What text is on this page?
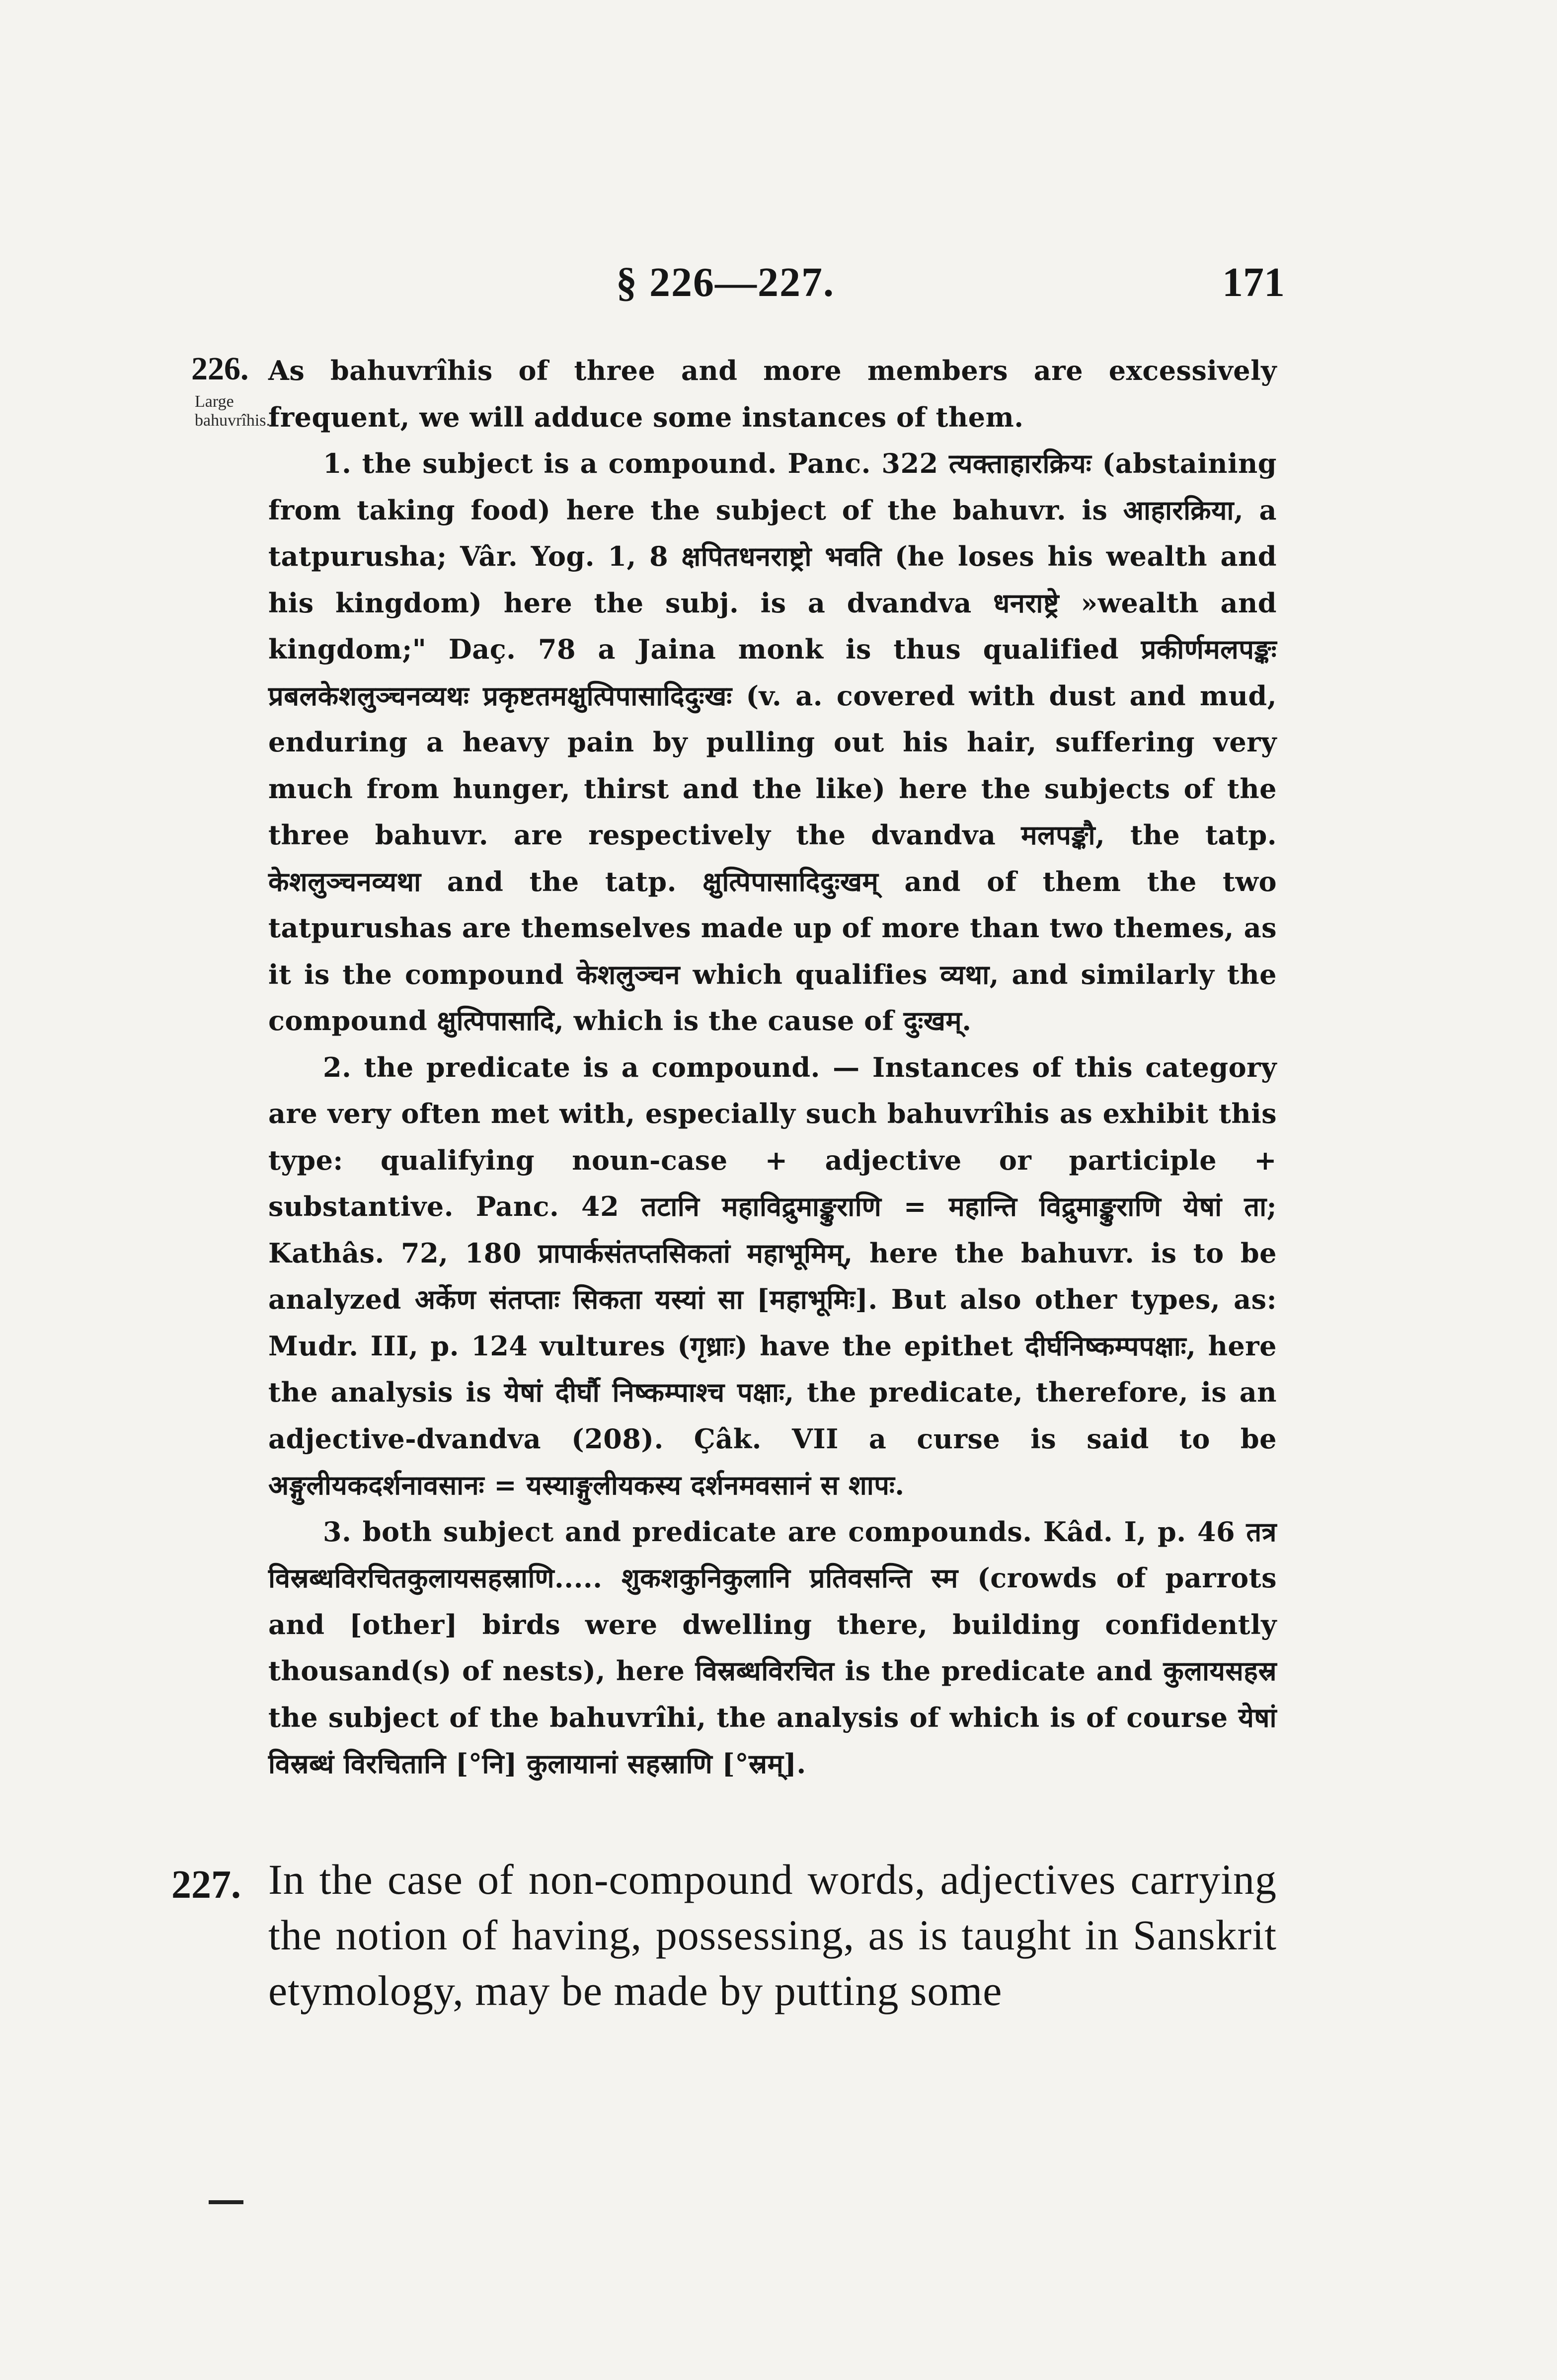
§ 226—227.	171
226.
Large bahuvrîhis.

As bahuvrîhis of three and more members are excessively frequent, we will adduce some instances of them.

1. the subject is a compound. Panc. 322 त्यक्ताहारक्रियः (abstaining from taking food) here the subject of the bahuvr. is आहारक्रिया, a tatpurusha; Vâr. Yog. 1, 8 क्षपितधनराष्ट्रो भवति (he loses his wealth and his kingdom) here the subj. is a dvandva धनराष्ट्रे »wealth and kingdom;" Daç. 78 a Jaina monk is thus qualified प्रकीर्णमलपङ्कः प्रबलकेशलुञ्चनव्यथः प्रकृष्टतमक्षुत्पिपासादिदुःखः (v. a. covered with dust and mud, enduring a heavy pain by pulling out his hair, suffering very much from hunger, thirst and the like) here the subjects of the three bahuvr. are respectively the dvandva मलपङ्कौ, the tatp. केशलुञ्चनव्यथा and the tatp. क्षुत्पिपासादिदुःखम् and of them the two tatpurushas are themselves made up of more than two themes, as it is the compound केशलुञ्चन which qualifies व्यथा, and similarly the compound क्षुत्पिपासादि, which is the cause of दुःखम्.

2. the predicate is a compound. — Instances of this category are very often met with, especially such bahuvrîhis as exhibit this type: qualifying noun-case + adjective or participle + substantive. Panc. 42 तटानि महाविद्रुमाङ्कुराणि = महान्ति विद्रुमाङ्कुराणि येषां ता; Kathâs. 72, 180 प्रापार्कसंतप्तसिकतां महाभूमिम्, here the bahuvr. is to be analyzed अर्केण संतप्ताः सिकता यस्यां सा [महाभूमिः]. But also other types, as: Mudr. III, p. 124 vultures (गृध्राः) have the epithet दीर्घनिष्कम्पपक्षाः, here the analysis is येषां दीर्घौ निष्कम्पाश्च पक्षाः, the predicate, therefore, is an adjective-dvandva (208). Çâk. VII a curse is said to be अङ्गुलीयकदर्शनावसानः = यस्याङ्गुलीयकस्य दर्शनमवसानं स शापः.

3. both subject and predicate are compounds. Kâd. I, p. 46 तत्र विस्रब्धविरचितकुलायसहस्राणि..... शुकशकुनिकुलानि प्रतिवसन्ति स्म (crowds of parrots and [other] birds were dwelling there, building confidently thousand(s) of nests), here विस्रब्धविरचित is the predicate and कुलायसहस्र the subject of the bahuvrîhi, the analysis of which is of course येषां विस्रब्धं विरचितानि [°नि] कुलायानां सहस्राणि [°स्रम्].

227. In the case of non-compound words, adjectives carrying the notion of having, possessing, as is taught in Sanskrit etymology, may be made by putting some
